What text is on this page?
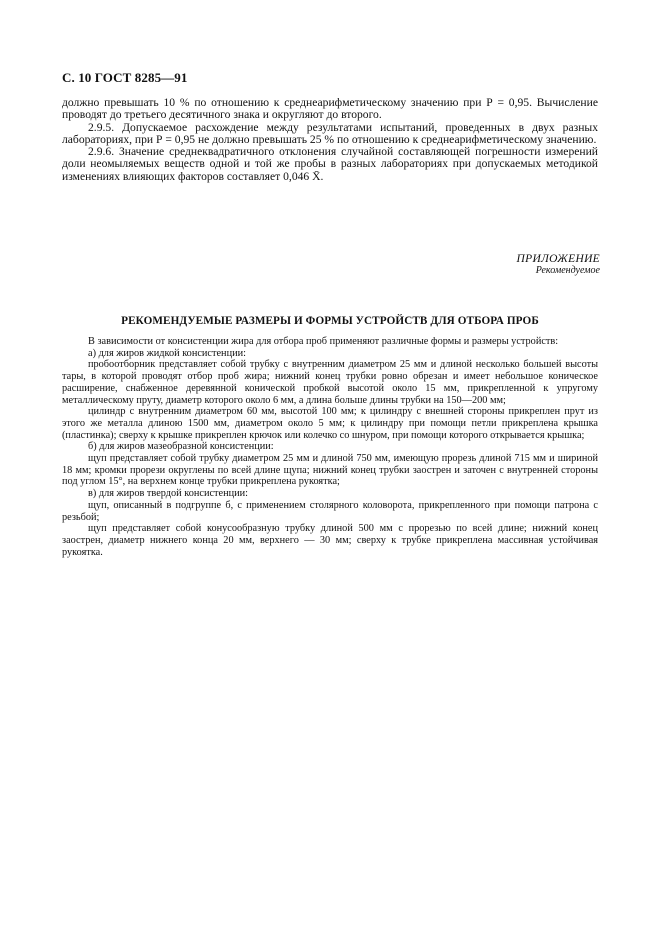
С. 10 ГОСТ 8285—91

должно превышать 10 % по отношению к среднеарифметическому значению при Р = 0,95. Вычисление проводят до третьего десятичного знака и округляют до второго.

2.9.5. Допускаемое расхождение между результатами испытаний, проведенных в двух разных лабораториях, при Р = 0,95 не должно превышать 25 % по отношению к среднеарифметическому значению.

2.9.6. Значение среднеквадратичного отклонения случайной составляющей погрешности измерений доли неомыляемых веществ одной и той же пробы в разных лабораториях при допускаемых методикой изменениях влияющих факторов составляет 0,046 X̄.

ПРИЛОЖЕНИЕ
Рекомендуемое
РЕКОМЕНДУЕМЫЕ РАЗМЕРЫ И ФОРМЫ УСТРОЙСТВ ДЛЯ ОТБОРА ПРОБ

В зависимости от консистенции жира для отбора проб применяют различные формы и размеры устройств:

а) для жиров жидкой консистенции:

пробоотборник представляет собой трубку с внутренним диаметром 25 мм и длиной несколько большей высоты тары, в которой проводят отбор проб жира; нижний конец трубки ровно обрезан и имеет небольшое коническое расширение, снабженное деревянной конической пробкой высотой около 15 мм, прикрепленной к упругому металлическому пруту, диаметр которого около 6 мм, а длина больше длины трубки на 150—200 мм;

цилиндр с внутренним диаметром 60 мм, высотой 100 мм; к цилиндру с внешней стороны прикреплен прут из этого же металла длиною 1500 мм, диаметром около 5 мм; к цилиндру при помощи петли прикреплена крышка (пластинка); сверху к крышке прикреплен крючок или колечко со шнуром, при помощи которого открывается крышка;

б) для жиров мазеобразной консистенции:

щуп представляет собой трубку диаметром 25 мм и длиной 750 мм, имеющую прорезь длиной 715 мм и шириной 18 мм; кромки прорези округлены по всей длине щупа; нижний конец трубки заострен и заточен с внутренней стороны под углом 15°, на верхнем конце трубки прикреплена рукоятка;

в) для жиров твердой консистенции:

щуп, описанный в подгруппе б, с применением столярного коловорота, прикрепленного при помощи патрона с резьбой;

щуп представляет собой конусообразную трубку длиной 500 мм с прорезью по всей длине; нижний конец заострен, диаметр нижнего конца 20 мм, верхнего — 30 мм; сверху к трубке прикреплена массивная устойчивая рукоятка.
